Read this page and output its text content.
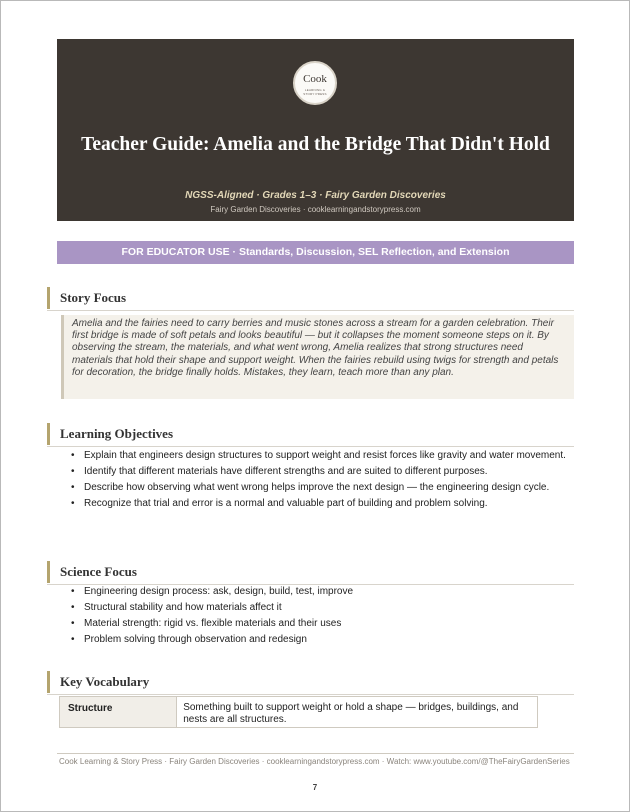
Cook
LEARNING & STORY PRESS
Teacher Guide: Amelia and the Bridge That Didn't Hold
NGSS-Aligned · Grades 1–3 · Fairy Garden Discoveries
Fairy Garden Discoveries · cooklearningandstorypress.com
FOR EDUCATOR USE · Standards, Discussion, SEL Reflection, and Extension
Story Focus
Amelia and the fairies need to carry berries and music stones across a stream for a garden celebration. Their first bridge is made of soft petals and looks beautiful — but it collapses the moment someone steps on it. By observing the stream, the materials, and what went wrong, Amelia realizes that strong structures need materials that hold their shape and support weight. When the fairies rebuild using twigs for strength and petals for decoration, the bridge finally holds. Mistakes, they learn, teach more than any plan.
Learning Objectives
• Explain that engineers design structures to support weight and resist forces like gravity and water movement.
• Identify that different materials have different strengths and are suited to different purposes.
• Describe how observing what went wrong helps improve the next design — the engineering design cycle.
• Recognize that trial and error is a normal and valuable part of building and problem solving.
Science Focus
• Engineering design process: ask, design, build, test, improve
• Structural stability and how materials affect it
• Material strength: rigid vs. flexible materials and their uses
• Problem solving through observation and redesign
Key Vocabulary
Structure	Something built to support weight or hold a shape — bridges, buildings, and nests are all structures.
Cook Learning & Story Press · Fairy Garden Discoveries · cooklearningandstorypress.com · Watch: www.youtube.com/@TheFairyGardenSeries
7
